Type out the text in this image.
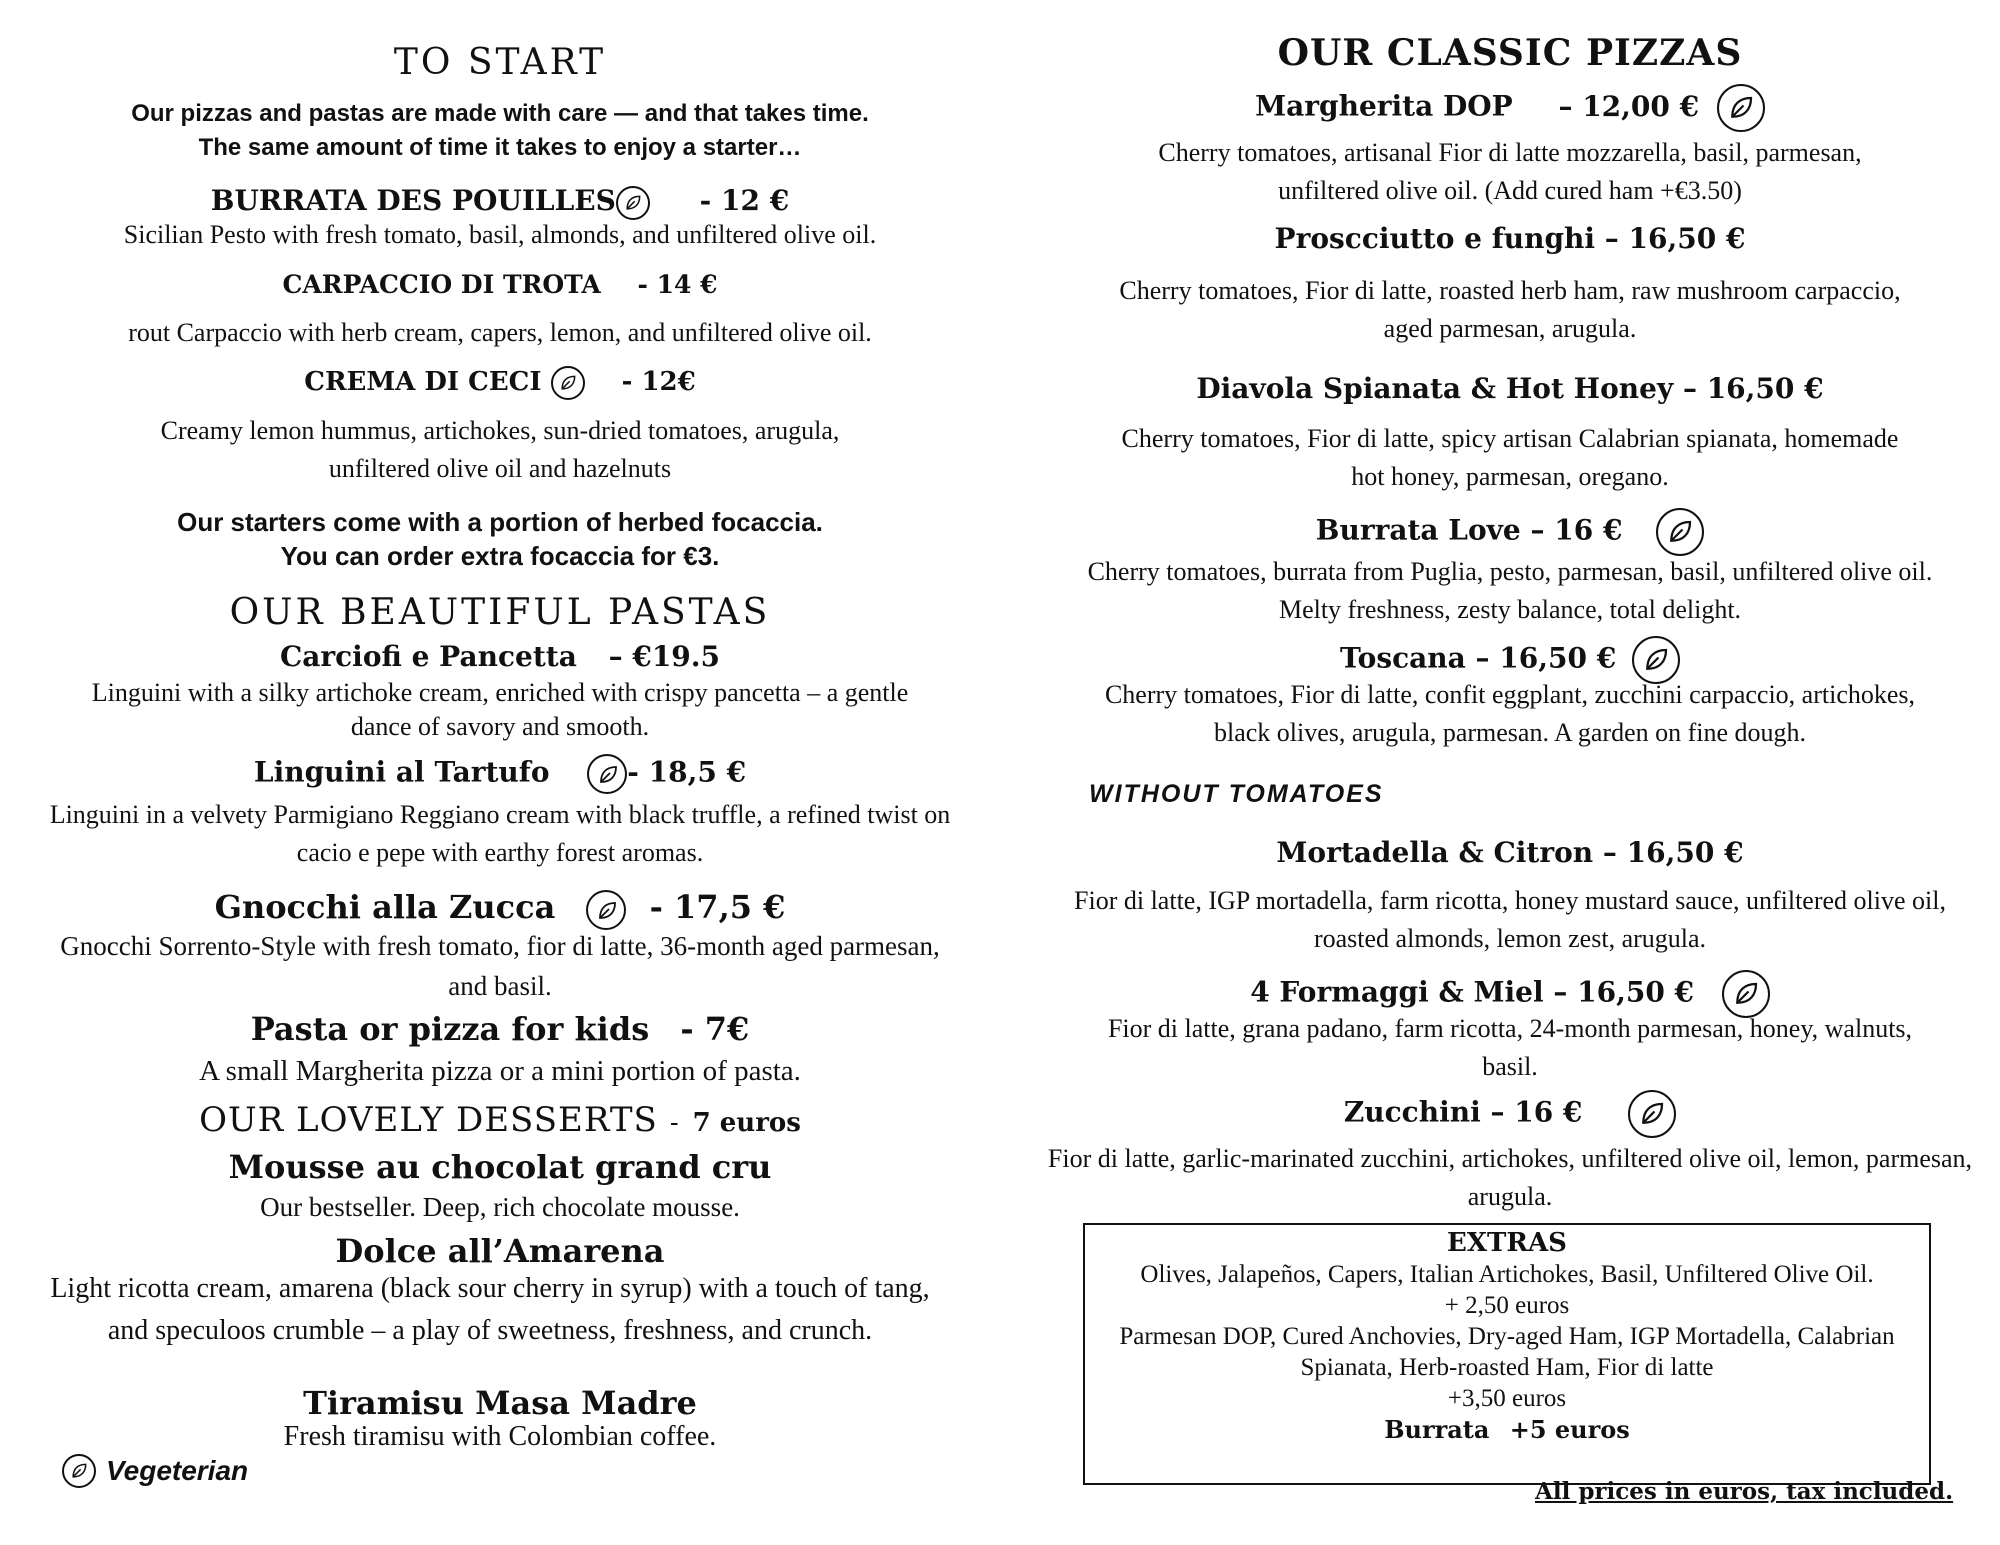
TO START
Our pizzas and pastas are made with care — and that takes time.
The same amount of time it takes to enjoy a starter…
BURRATA DES POUILLES	- 12 €
Sicilian Pesto with fresh tomato, basil, almonds, and unfiltered olive oil.
CARPACCIO DI TROTA - 14 €
rout Carpaccio with herb cream, capers, lemon, and unfiltered olive oil.
CREMA DI CECI	- 12€
Creamy lemon hummus, artichokes, sun-dried tomatoes, arugula, unfiltered olive oil and hazelnuts
Our starters come with a portion of herbed focaccia.
You can order extra focaccia for €3.
OUR BEAUTIFUL PASTAS
Carciofi e Pancetta – €19.5
Linguini with a silky artichoke cream, enriched with crispy pancetta – a gentle dance of savory and smooth.
Linguini al Tartufo	- 18,5 €
Linguini in a velvety Parmigiano Reggiano cream with black truffle, a refined twist on cacio e pepe with earthy forest aromas.
Gnocchi alla Zucca	- 17,5 €
Gnocchi Sorrento-Style with fresh tomato, fior di latte, 36-month aged parmesan, and basil.
Pasta or pizza for kids - 7€
A small Margherita pizza or a mini portion of pasta.
OUR LOVELY DESSERTS - 7 euros
Mousse au chocolat grand cru
Our bestseller. Deep, rich chocolate mousse.
Dolce all’Amarena
Light ricotta cream, amarena (black sour cherry in syrup) with a touch of tang, and speculoos crumble – a play of sweetness, freshness, and crunch.
Tiramisu Masa Madre
Fresh tiramisu with Colombian coffee.
Vegeterian
OUR CLASSIC PIZZAS
Margherita DOP – 12,00 €
Cherry tomatoes, artisanal Fior di latte mozzarella, basil, parmesan, unfiltered olive oil. (Add cured ham +€3.50)
Proscciutto e funghi – 16,50 €
Cherry tomatoes, Fior di latte, roasted herb ham, raw mushroom carpaccio, aged parmesan, arugula.
Diavola Spianata & Hot Honey – 16,50 €
Cherry tomatoes, Fior di latte, spicy artisan Calabrian spianata, homemade hot honey, parmesan, oregano.
Burrata Love – 16 €
Cherry tomatoes, burrata from Puglia, pesto, parmesan, basil, unfiltered olive oil. Melty freshness, zesty balance, total delight.
Toscana – 16,50 €
Cherry tomatoes, Fior di latte, confit eggplant, zucchini carpaccio, artichokes, black olives, arugula, parmesan. A garden on fine dough.
WITHOUT TOMATOES
Mortadella & Citron – 16,50 €
Fior di latte, IGP mortadella, farm ricotta, honey mustard sauce, unfiltered olive oil, roasted almonds, lemon zest, arugula.
4 Formaggi & Miel – 16,50 €
Fior di latte, grana padano, farm ricotta, 24-month parmesan, honey, walnuts, basil.
Zucchini – 16 €
Fior di latte, garlic-marinated zucchini, artichokes, unfiltered olive oil, lemon, parmesan, arugula.
EXTRAS
Olives, Jalapeños, Capers, Italian Artichokes, Basil, Unfiltered Olive Oil.
+ 2,50 euros
Parmesan DOP, Cured Anchovies, Dry-aged Ham, IGP Mortadella, Calabrian Spianata, Herb-roasted Ham, Fior di latte
+3,50 euros
Burrata +5 euros
All prices in euros, tax included.
